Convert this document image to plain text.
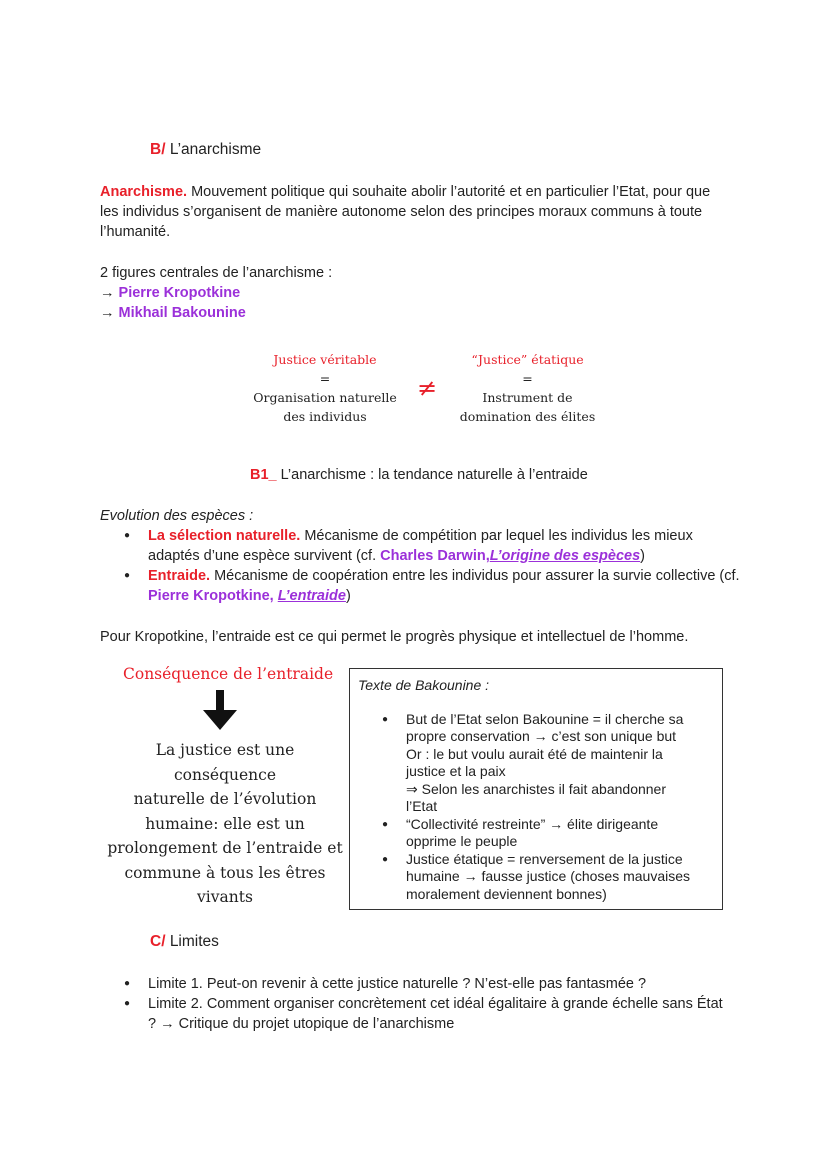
B/ L’anarchisme
Anarchisme. Mouvement politique qui souhaite abolir l’autorité et en particulier l’Etat, pour que les individus s’organisent de manière autonome selon des principes moraux communs à toute l’humanité.
2 figures centrales de l’anarchisme :
→ Pierre Kropotkine
→ Mikhail Bakounine
Justice véritable
=
Organisation naturelle
des individus
≠
“Justice” étatique
=
Instrument de
domination des élites
B1_ L’anarchisme : la tendance naturelle à l’entraide
Evolution des espèces :
● La sélection naturelle. Mécanisme de compétition par lequel les individus les mieux adaptés d’une espèce survivent (cf. Charles Darwin,L’origine des espèces)
● Entraide. Mécanisme de coopération entre les individus pour assurer la survie collective (cf. Pierre Kropotkine, L’entraide)
Pour Kropotkine, l’entraide est ce qui permet le progrès physique et intellectuel de l’homme.
Conséquence de l’entraide
La justice est une conséquence
naturelle de l’évolution
humaine: elle est un
prolongement de l’entraide et
commune à tous les êtres
vivants
Texte de Bakounine :
● But de l’Etat selon Bakounine = il cherche sa
propre conservation → c’est son unique but
Or : le but voulu aurait été de maintenir la
justice et la paix
⇒ Selon les anarchistes il fait abandonner
l’Etat
● “Collectivité restreinte” → élite dirigeante
opprime le peuple
● Justice étatique = renversement de la justice
humaine → fausse justice (choses mauvaises
moralement deviennent bonnes)
C/ Limites
● Limite 1. Peut-on revenir à cette justice naturelle ? N’est-elle pas fantasmée ?
● Limite 2. Comment organiser concrètement cet idéal égalitaire à grande échelle sans État ? → Critique du projet utopique de l’anarchisme
